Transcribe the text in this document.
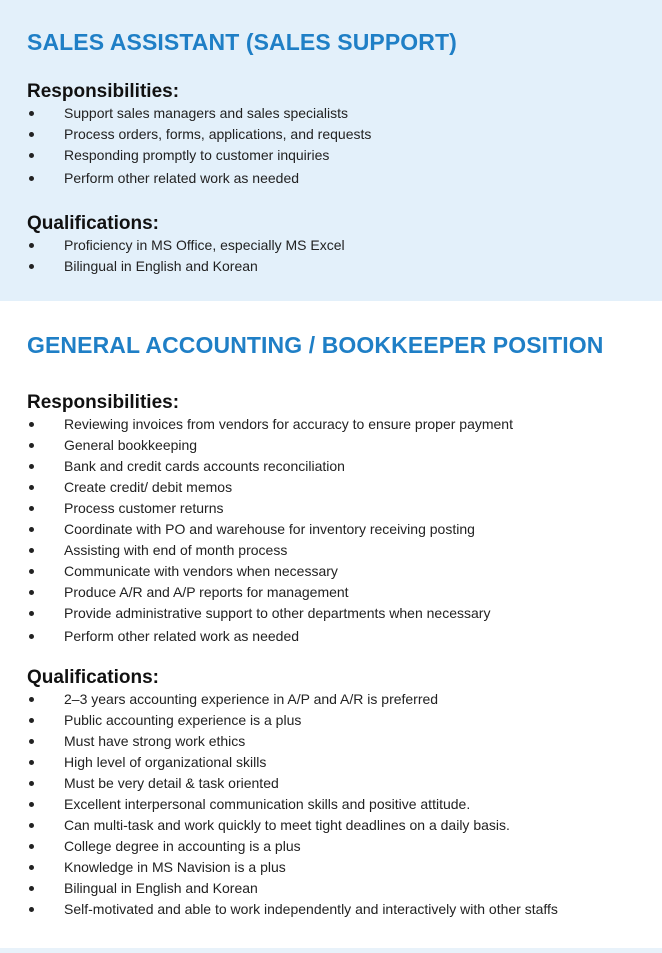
SALES ASSISTANT (SALES SUPPORT)
Responsibilities:
Support sales managers and sales specialists
Process orders, forms, applications, and requests
Responding promptly to customer inquiries
Perform other related work as needed
Qualifications:
Proficiency in MS Office, especially MS Excel
Bilingual in English and Korean
GENERAL ACCOUNTING / BOOKKEEPER POSITION
Responsibilities:
Reviewing invoices from vendors for accuracy to ensure proper payment
General bookkeeping
Bank and credit cards accounts reconciliation
Create credit/ debit memos
Process customer returns
Coordinate with PO and warehouse for inventory receiving posting
Assisting with end of month process
Communicate with vendors when necessary
Produce A/R and A/P reports for management
Provide administrative support to other departments when necessary
Perform other related work as needed
Qualifications:
2–3 years accounting experience in A/P and A/R is preferred
Public accounting experience is a plus
Must have strong work ethics
High level of organizational skills
Must be very detail & task oriented
Excellent interpersonal communication skills and positive attitude.
Can multi-task and work quickly to meet tight deadlines on a daily basis.
College degree in accounting is a plus
Knowledge in MS Navision is a plus
Bilingual in English and Korean
Self-motivated and able to work independently and interactively with other staffs
